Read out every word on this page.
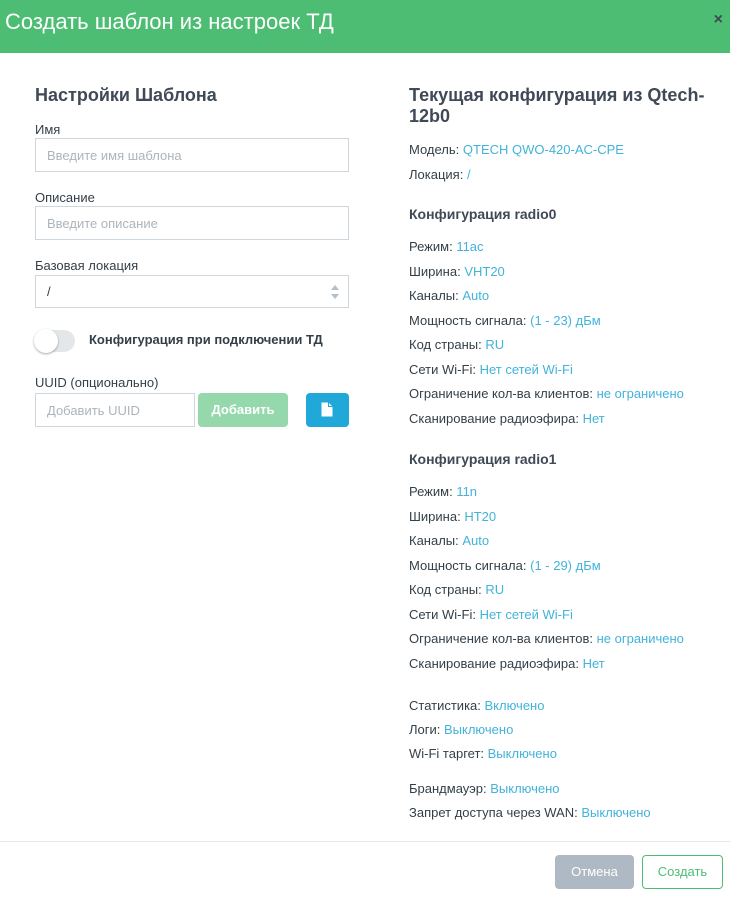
Создать шаблон из настроек ТД	×
Настройки Шаблона
Имя
Введите имя шаблона
Описание
Введите описание
Базовая локация
/
Конфигурация при подключении ТД
UUID (опционально)
Добавить UUID	Добавить
Текущая конфигурация из Qtech-12b0
Модель: QTECH QWO-420-AC-CPE
Локация: /
Конфигурация radio0
Режим: 11ac
Ширина: VHT20
Каналы: Auto
Мощность сигнала: (1 - 23) дБм
Код страны: RU
Сети Wi-Fi: Нет сетей Wi-Fi
Ограничение кол-ва клиентов: не ограничено
Сканирование радиоэфира: Нет
Конфигурация radio1
Режим: 11n
Ширина: HT20
Каналы: Auto
Мощность сигнала: (1 - 29) дБм
Код страны: RU
Сети Wi-Fi: Нет сетей Wi-Fi
Ограничение кол-ва клиентов: не ограничено
Сканирование радиоэфира: Нет
Статистика: Включено
Логи: Выключено
Wi-Fi таргет: Выключено
Брандмауэр: Выключено
Запрет доступа через WAN: Выключено
Отмена	Создать
